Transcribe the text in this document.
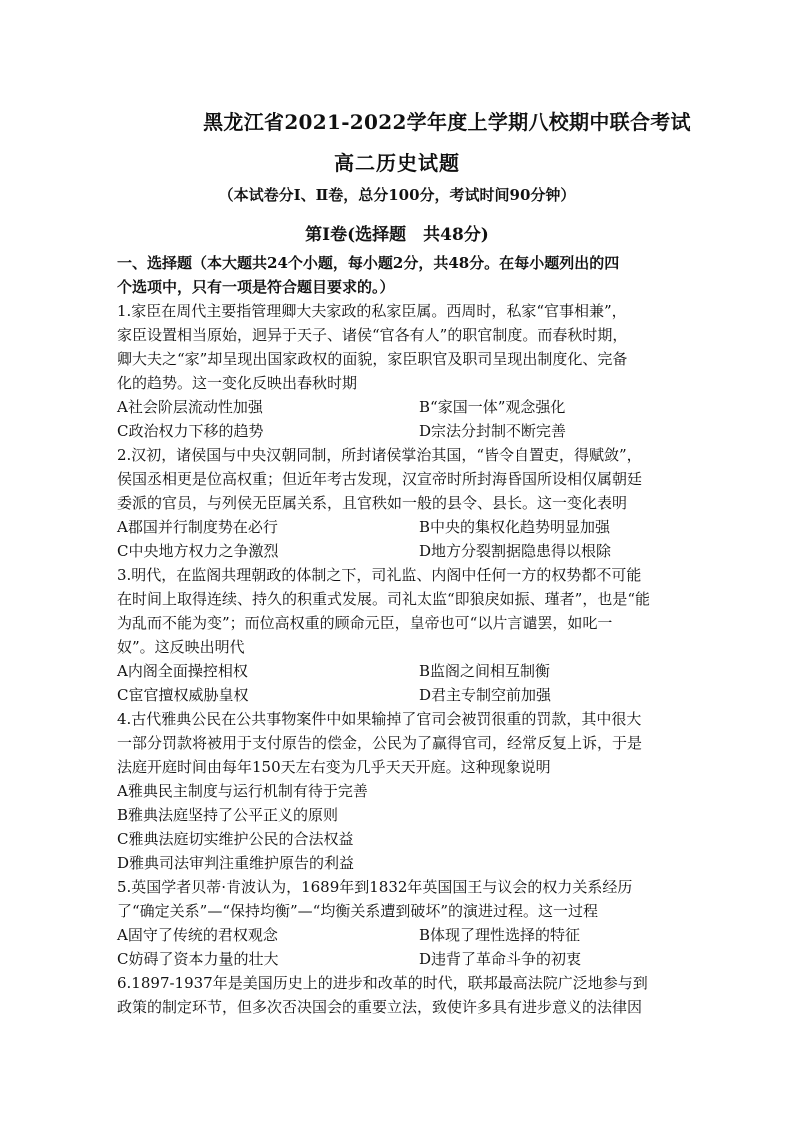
黑龙江省2021-2022学年度上学期八校期中联合考试
高二历史试题
（本试卷分Ⅰ、Ⅱ卷，总分100分，考试时间90分钟）
第Ⅰ卷(选择题　共48分)
一、选择题（本大题共24个小题，每小题2分，共48分。在每小题列出的四
个选项中，只有一项是符合题目要求的。）
1.家臣在周代主要指管理卿大夫家政的私家臣属。西周时，私家“官事相兼”，
家臣设置相当原始，迥异于天子、诸侯“官各有人”的职官制度。而春秋时期，
卿大夫之“家”却呈现出国家政权的面貌，家臣职官及职司呈现出制度化、完备
化的趋势。这一变化反映出春秋时期
A社会阶层流动性加强	B“家国一体”观念强化
C政治权力下移的趋势	D宗法分封制不断完善
2.汉初，诸侯国与中央汉朝同制，所封诸侯掌治其国，“皆令自置吏，得赋敛”，
侯国丞相更是位高权重；但近年考古发现，汉宣帝时所封海昏国所设相仅属朝廷
委派的官员，与列侯无臣属关系，且官秩如一般的县令、县长。这一变化表明
A郡国并行制度势在必行	B中央的集权化趋势明显加强
C中央地方权力之争激烈	D地方分裂割据隐患得以根除
3.明代，在监阁共理朝政的体制之下，司礼监、内阁中任何一方的权势都不可能
在时间上取得连续、持久的积重式发展。司礼太监“即狼戾如振、瑾者”，也是“能
为乱而不能为变”；而位高权重的顾命元臣，皇帝也可“以片言谴罢，如叱一
奴”。这反映出明代
A内阁全面操控相权	B监阁之间相互制衡
C宦官擅权威胁皇权	D君主专制空前加强
4.古代雅典公民在公共事物案件中如果输掉了官司会被罚很重的罚款，其中很大
一部分罚款将被用于支付原告的偿金，公民为了赢得官司，经常反复上诉，于是
法庭开庭时间由每年150天左右变为几乎天天开庭。这种现象说明
A雅典民主制度与运行机制有待于完善
B雅典法庭坚持了公平正义的原则
C雅典法庭切实维护公民的合法权益
D雅典司法审判注重维护原告的利益
5.英国学者贝蒂·肯波认为，1689年到1832年英国国王与议会的权力关系经历
了“确定关系”—“保持均衡”—“均衡关系遭到破坏”的演进过程。这一过程
A固守了传统的君权观念	B体现了理性选择的特征
C妨碍了资本力量的壮大	D违背了革命斗争的初衷
6.1897-1937年是美国历史上的进步和改革的时代，联邦最高法院广泛地参与到
政策的制定环节，但多次否决国会的重要立法，致使许多具有进步意义的法律因
